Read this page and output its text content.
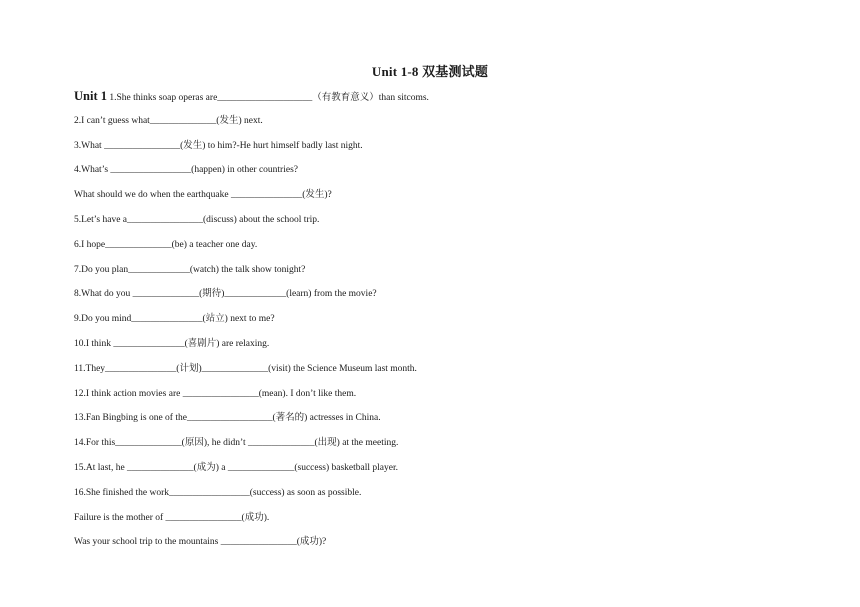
Unit 1-8 双基测试题
Unit 1 1.She thinks soap operas are____________________（有教育意义）than sitcoms.
2.I can’t guess what______________(发生) next.
3.What ________________(发生) to him?-He hurt himself badly last night.
4.What’s _________________(happen) in other countries?
What should we do when the earthquake _______________(发生)?
5.Let’s have a________________(discuss) about the school trip.
6.I hope______________(be) a teacher one day.
7.Do you plan_____________(watch) the talk show tonight?
8.What do you ______________(期待)_____________(learn) from the movie?
9.Do you mind_______________(站立) next to me?
10.I think _______________(喜剧片) are relaxing.
11.They_______________(计划)______________(visit) the Science Museum last month.
12.I think action movies are ________________(mean). I don’t like them.
13.Fan Bingbing is one of the__________________(著名的) actresses in China.
14.For this______________(原因), he didn’t ______________(出现) at the meeting.
15.At last, he ______________(成为) a ______________(success) basketball player.
16.She finished the work_________________(success) as soon as possible.
Failure is the mother of ________________(成功).
Was your school trip to the mountains ________________(成功)?
